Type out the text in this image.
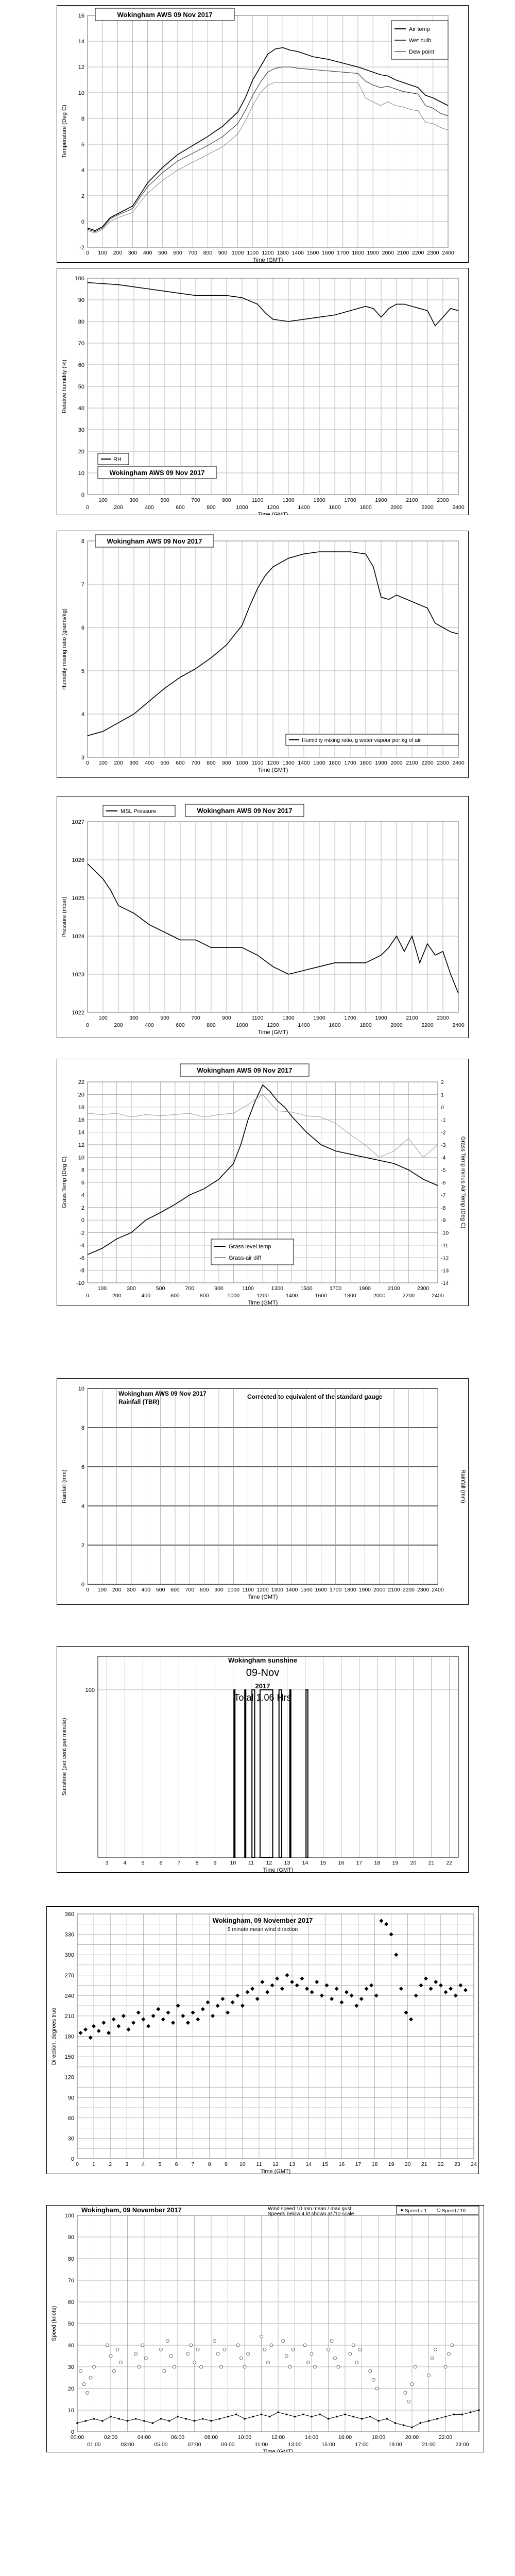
-2
0
2
4
6
8
10
12
14
16
0 100 200 300 400 500 600 700 800 900 1000 1100 1200 1300 1400 1500 1600 1700 1800 1900 2000 2100 2200 2300 2400
Time (GMT)
Temperature (Deg C)
Wokingham AWS 09 Nov 2017
Air temp
Wet bulb
Dew point
0
10
20
30
40
50
60
70
80
90
100
0	200	400	600	800	1000	1200	1400	1600	1800	2000	2200	2400
100	300	500	700	900	1100	1300	1500	1700	1900	2100	2300
Time (GMT)
Relative humidity (%)
RH
Wokingham AWS 09 Nov 2017
3
4
5
6
7
8
0 100 200 300 400 500 600 700 800 900 1000 1100 1200 1300 1400 1500 1600 1700 1800 1900 2000 2100 2200 2300 2400
Time (GMT)
Humidity mixing ratio (grams/kg)
Wokingham AWS 09 Nov 2017
Humidity mixing ratio, g water vapour per kg of air
1022
1023
1024
1025
1026
1027
0	200	400	600	800	1000	1200	1400	1600	1800	2000	2200	2400
100	300	500	700	900	1100	1300	1500	1700	1900	2100	2300
Time (GMT)
Pressure (mbar)
MSL Pressure	Wokingham AWS 09 Nov 2017
-10
-8
-6
-4
-2
0
2
4
6
8
10
12
14
16
18
20
22
0	200	400	600	800	1000	1200	1400	1600	1800	2000	2200	2400
100	300	500	700	900	1100	1300	1500	1700	1900	2100	2300
Time (GMT)
Grass Temp (Deg C)	Grass Temp minus Air Temp (Deg C)
-14
-13
-12
-11
-10
-9
-8
-7
-6
-5
-4
-3
-2
-1
0
1
2
Wokingham AWS 09 Nov 2017
Grass level temp
Grass-air diff
0
2
4
6
8
10
0 100 200 300 400 500 600 700 800 900 1000 1100 1200 1300 1400 1500 1600 1700 1800 1900 2000 2100 2200 2300 2400
Time (GMT)
Rainfall (mm)	Rainfall (mm)
Wokingham AWS 09 Nov 2017
Rainfall (TBR)
Corrected to equivalent of the standard gauge
100
3	4	5	6	7	8	9 10 11 12 13 14 15 16 17 18 19 20 21 22
Time (GMT)
Sunshine (per cent per minute)
Wokingham sunshine
09-Nov
2017
Total 1.06 Hrs
0
30
60
90
120
150
180
210
240
270
300
330
360
0 1 2 3 4 5 6 7 8 9 10 11 12 13 14 15 16 17 18 19 20 21 22 23 24
Time (GMT)
Direction, degrees true
Wokingham, 09 November 2017
5 minute mean wind direction
0
10
20
30
40
50
60
70
80
90
100
01:00	03:00	05:00	07:00	09:00	11:00	13:00	15:00	17:00	19:00	21:00	23:00
00:00	02:00	04:00	06:00	08:00	10:00	12:00	14:00	16:00	18:00	20:00	22:00
Time (GMT)
Speed (knots)
Wokingham, 09 November 2017	Wind speed 10 min mean / max gust
Speeds below 4 kt shown at /10 scale
Speed x 1	Speed / 10
